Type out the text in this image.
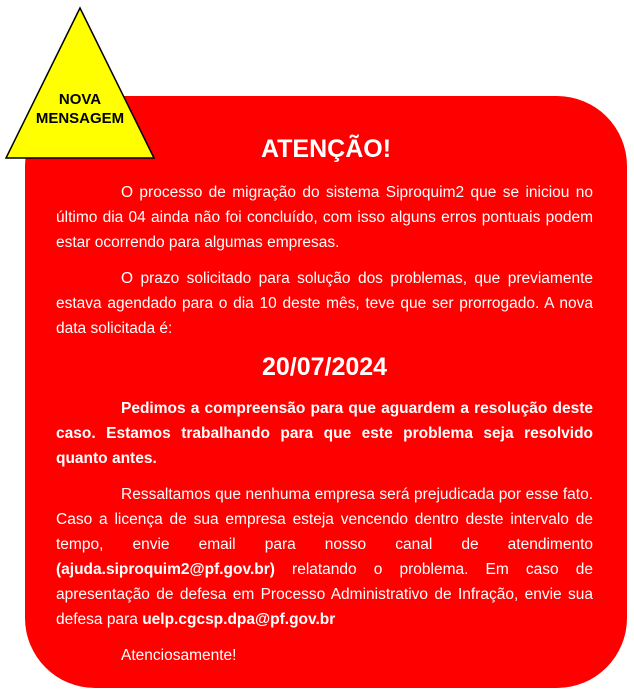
NOVA
MENSAGEM
ATENÇÃO!

O processo de migração do sistema Siproquim2 que se iniciou no último dia 04 ainda não foi concluído, com isso alguns erros pontuais podem estar ocorrendo para algumas empresas.

O prazo solicitado para solução dos problemas, que previamente estava agendado para o dia 10 deste mês, teve que ser prorrogado. A nova data solicitada é:

20/07/2024

Pedimos a compreensão para que aguardem a resolução deste caso. Estamos trabalhando para que este problema seja resolvido quanto antes.

Ressaltamos que nenhuma empresa será prejudicada por esse fato. Caso a licença de sua empresa esteja vencendo dentro deste intervalo de tempo, envie email para nosso canal de atendimento (ajuda.siproquim2@pf.gov.br) relatando o problema. Em caso de apresentação de defesa em Processo Administrativo de Infração, envie sua defesa para uelp.cgcsp.dpa@pf.gov.br

Atenciosamente!
